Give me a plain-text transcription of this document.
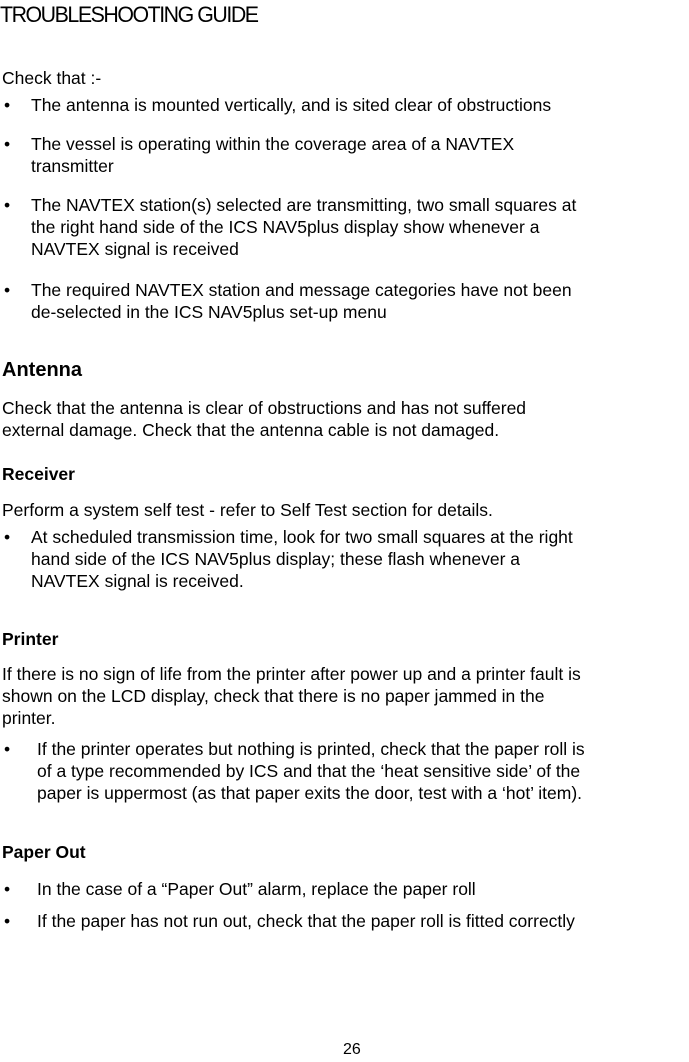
TROUBLESHOOTING GUIDE
Check that :-
• The antenna is mounted vertically, and is sited clear of obstructions
• The vessel is operating within the coverage area of a NAVTEX
transmitter
• The NAVTEX station(s) selected are transmitting, two small squares at
the right hand side of the ICS NAV5plus display show whenever a
NAVTEX signal is received
• The required NAVTEX station and message categories have not been
de-selected in the ICS NAV5plus set-up menu
Antenna
Check that the antenna is clear of obstructions and has not suffered
external damage. Check that the antenna cable is not damaged.
Receiver
Perform a system self test - refer to Self Test section for details.
• At scheduled transmission time, look for two small squares at the right
hand side of the ICS NAV5plus display; these flash whenever a
NAVTEX signal is received.
Printer
If there is no sign of life from the printer after power up and a printer fault is
shown on the LCD display, check that there is no paper jammed in the
printer.
• If the printer operates but nothing is printed, check that the paper roll is
of a type recommended by ICS and that the ‘heat sensitive side’ of the
paper is uppermost (as that paper exits the door, test with a ‘hot’ item).
Paper Out
• In the case of a “Paper Out” alarm, replace the paper roll
• If the paper has not run out, check that the paper roll is fitted correctly
26
